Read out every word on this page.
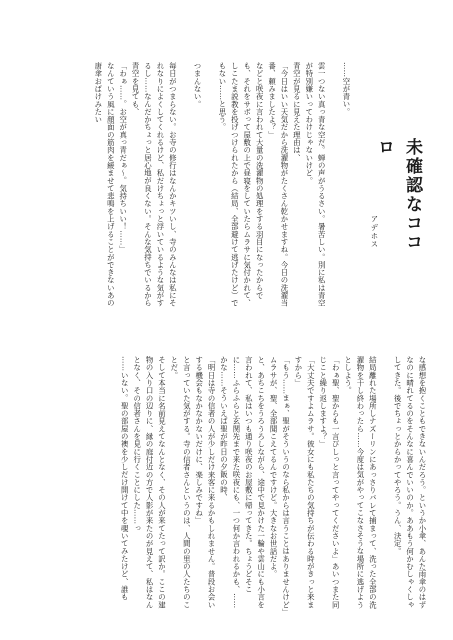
未確認なココロ
アデホス

……空が青い。

雲一つない真っ青な空だ。蝉の声がうるさい。暑苦しい。別に私は青空が特別嫌いってわけじゃないけど。

青空が見るに見えた理由は、

「今日はいい天気だから洗濯物がたくさん乾かせますね。今日の洗濯当番、頼みましたよ？」

などと咲夜に言われて大量の洗濯物の処理をする羽目になったからでも、それをサボって屋敷の上で昼寝をしていたらムラサに気付かれて、しこたま説教を投げつけられたから（結局、全部避けて逃げたけど）でもない……と思う。

つまんない。

毎日がつまらない。お寺の修行はなんかキツいし、寺のみんなは私にそれなりによくしてくれるけど、私だけちょっと浮いているような気がするし……なんだかちょっと居心地が良くない。そんな気持ちでいるから青空を見ても、

「わぁ……。お空が真っ青だぁ～。気持ちいい！……」

なんていう風に顔面の筋肉を緩ませて悲鳴を上げることができないあの唐傘おばけみたい

な感想を抱くこともできないんだろう。というか小傘、あんた雨傘のはずなのに晴れてるのをそんなに喜んでいいのか。ああもう何かむしゃくしゃしてきた。後でちょっとからかってやろう。うん、決定。

結局離れた場所しナズーリンにあっさりバレて捕まって、洗った全部の洗濯物を干し終わったら……今度は気がやってこなさそうな場所に逃げようとしよう。

「わぁ聖、聖からも一言びしっと言ってやってくださいよ」あいつまた同じこと繰り返しますよ？」

「大丈夫ですよムラサ。彼女にも私たちの気持ちが伝わる時がきっと来ますから」

「もう……まぁ、聖がそういうのなら私からは言うことはありませんけど」

ムラサが、聖、全部聞こえてるんですけど。大きなお世話だよ。

と、あちこちをうろうろしながら、途中で見かけた一輪や雲山にも小言を言われて、私はいつも通り咲夜のお屋敷に帰ってきた。ちょうどそこに……ふらふらと玄関先まで来た咲夜にも、一つ何か言われるかも、……

かな……そういえば聖が昨日の夕飯の時、

「明日は寺の信者の人が少しだけ来客に来るかもしれません。普段お会いする機会もなかなかないだけに、楽しみですね」

と言っていた気がする。寺の信者さんというのは、人間の里の人たちのことだ。

そして本当に名前見えてなんとなく、その人が来てたって訳か。ここの建物の入り口の辺りに、縁の庭付近の方で人影が来たのが見えて、私はなんとなく、その信者さんを見に行くことにした……っ

……いない。聖の部屋の襖を少しだけ開けて中を覗いてみたけど、誰も
